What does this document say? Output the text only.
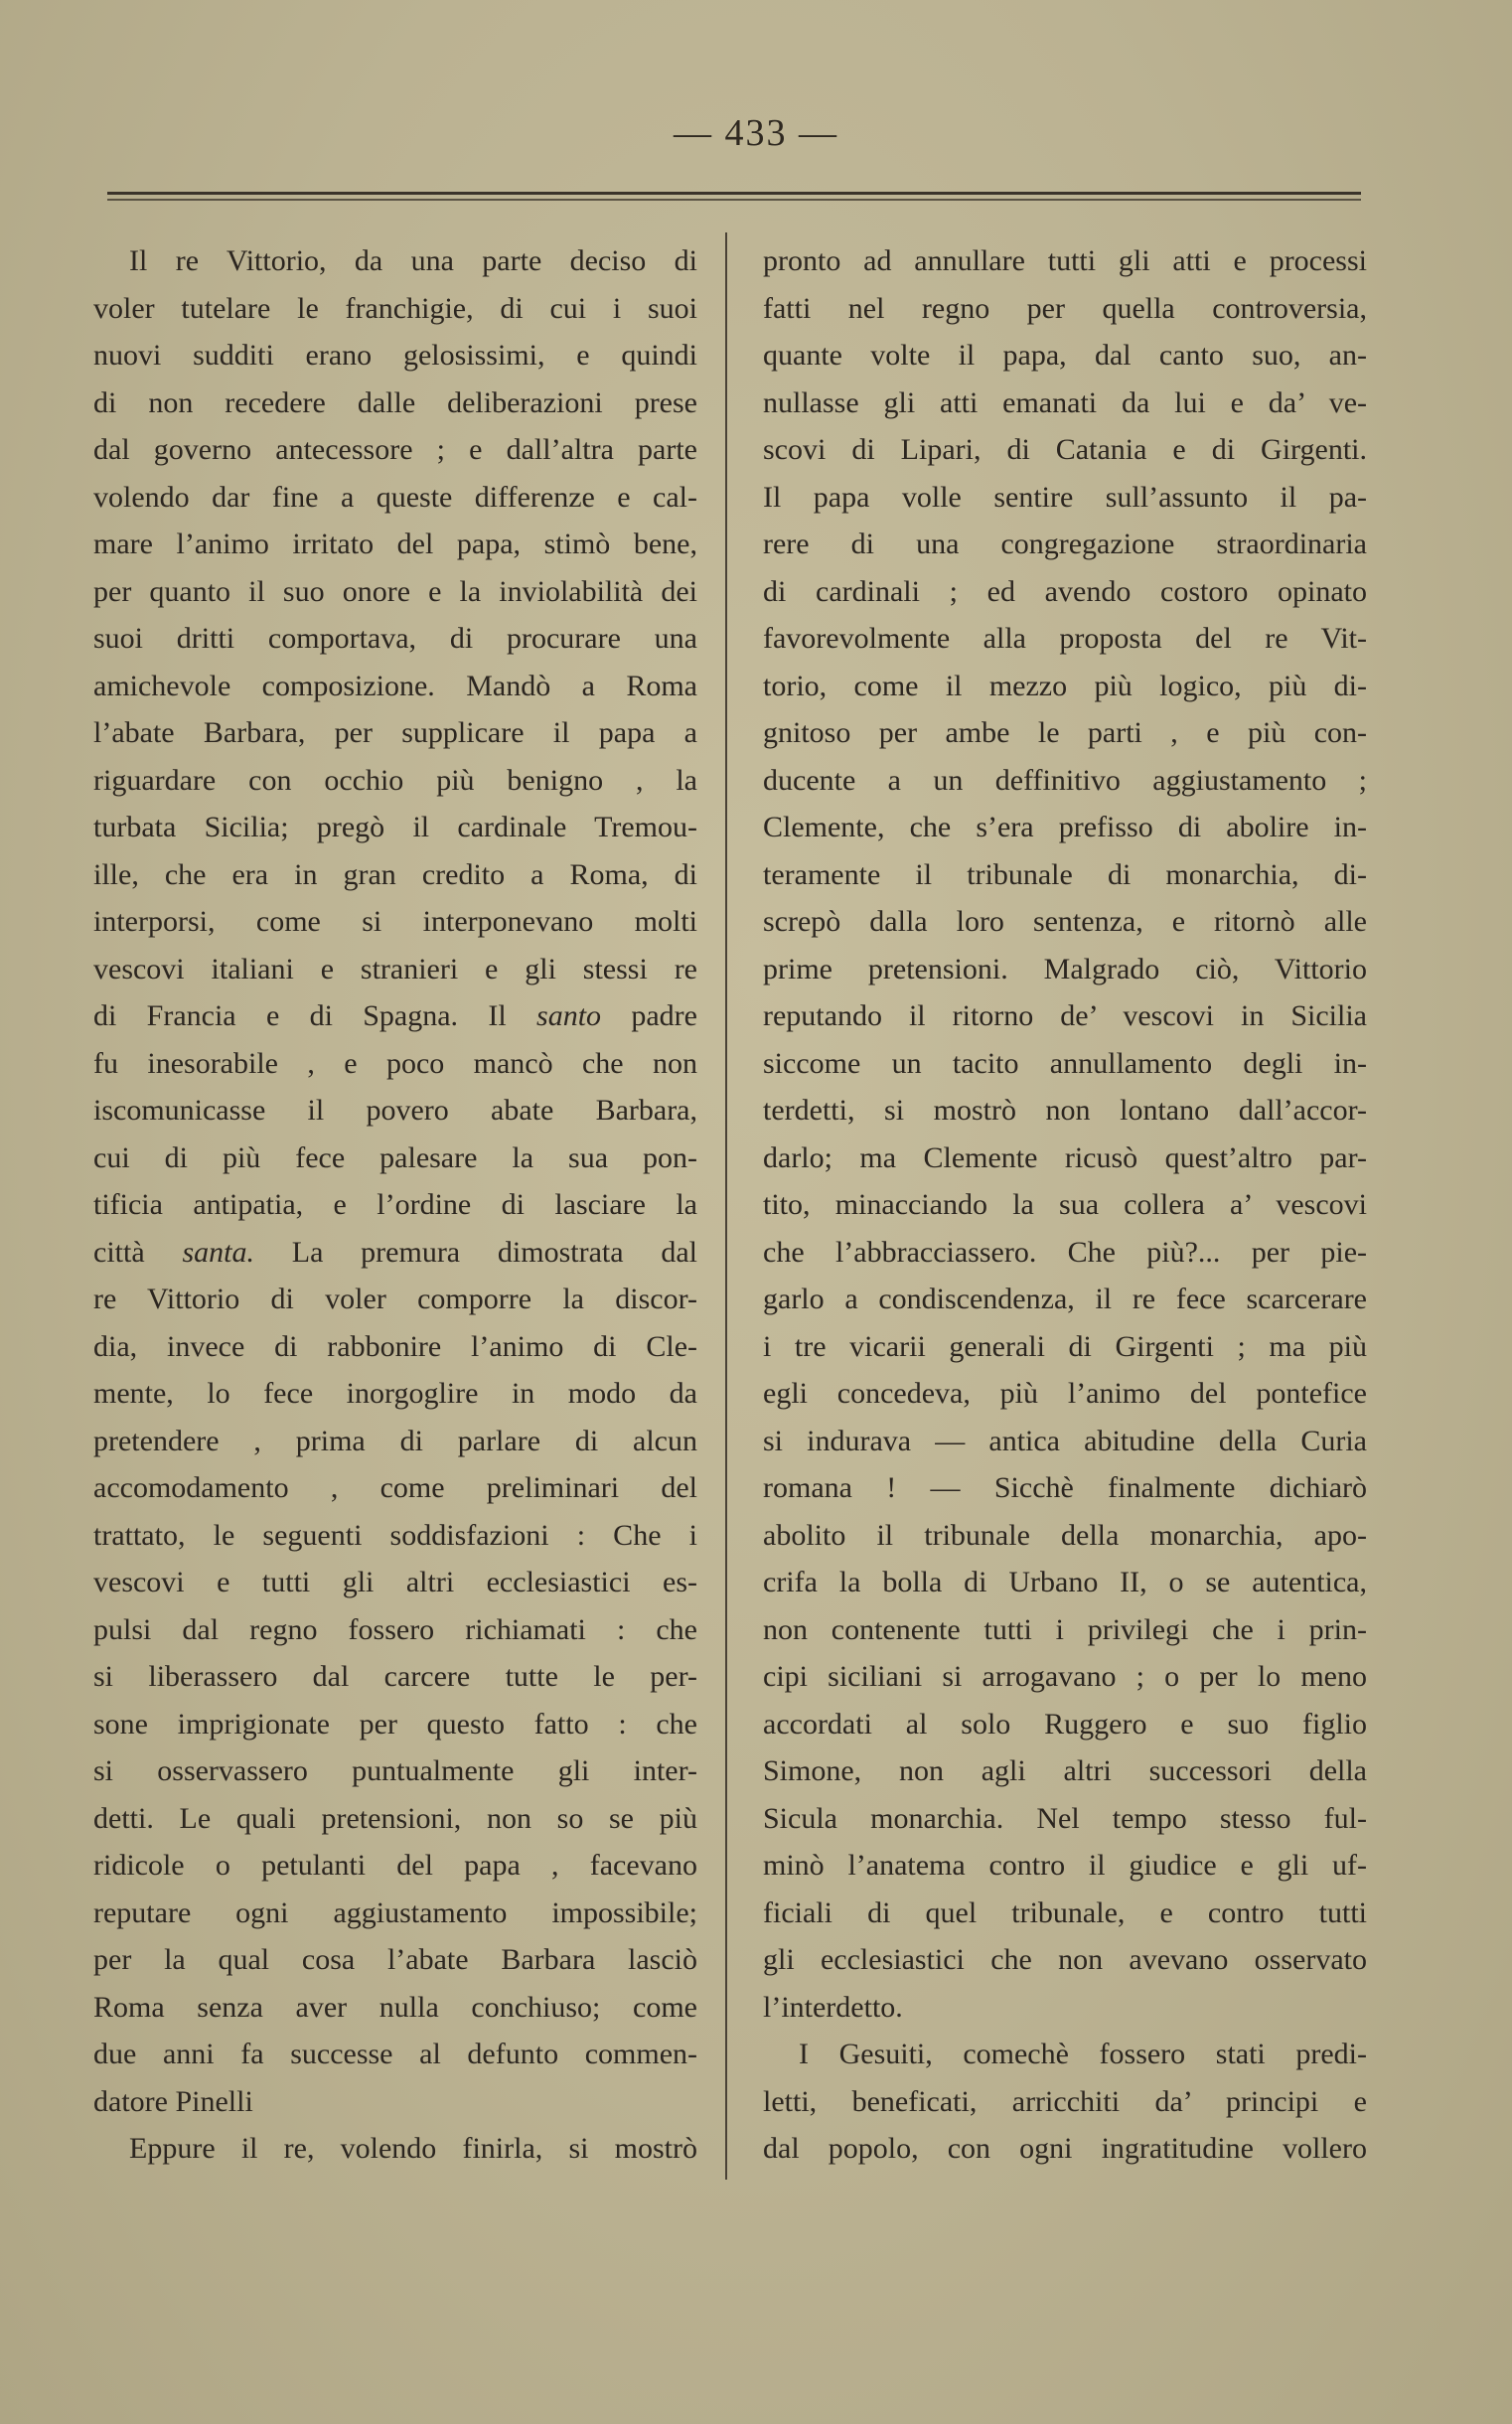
— 433 —
Il re Vittorio, da una parte deciso di
voler tutelare le franchigie, di cui i suoi
nuovi sudditi erano gelosissimi, e quindi
di non recedere dalle deliberazioni prese
dal governo antecessore ; e dall’altra parte
volendo dar fine a queste differenze e cal-
mare l’animo irritato del papa, stimò bene,
per quanto il suo onore e la inviolabilità dei
suoi dritti comportava, di procurare una
amichevole composizione. Mandò a Roma
l’abate Barbara, per supplicare il papa a
riguardare con occhio più benigno , la
turbata Sicilia; pregò il cardinale Tremou-
ille, che era in gran credito a Roma, di
interporsi, come si interponevano molti
vescovi italiani e stranieri e gli stessi re
di Francia e di Spagna. Il santo padre
fu inesorabile , e poco mancò che non
iscomunicasse il povero abate Barbara,
cui di più fece palesare la sua pon-
tificia antipatia, e l’ordine di lasciare la
città santa. La premura dimostrata dal
re Vittorio di voler comporre la discor-
dia, invece di rabbonire l’animo di Cle-
mente, lo fece inorgoglire in modo da
pretendere , prima di parlare di alcun
accomodamento , come preliminari del
trattato, le seguenti soddisfazioni : Che i
vescovi e tutti gli altri ecclesiastici es-
pulsi dal regno fossero richiamati : che
si liberassero dal carcere tutte le per-
sone imprigionate per questo fatto : che
si osservassero puntualmente gli inter-
detti. Le quali pretensioni, non so se più
ridicole o petulanti del papa , facevano
reputare ogni aggiustamento impossibile;
per la qual cosa l’abate Barbara lasciò
Roma senza aver nulla conchiuso; come
due anni fa successe al defunto commen-
datore Pinelli
Eppure il re, volendo finirla, si mostrò
pronto ad annullare tutti gli atti e processi
fatti nel regno per quella controversia,
quante volte il papa, dal canto suo, an-
nullasse gli atti emanati da lui e da’ ve-
scovi di Lipari, di Catania e di Girgenti.
Il papa volle sentire sull’assunto il pa-
rere di una congregazione straordinaria
di cardinali ; ed avendo costoro opinato
favorevolmente alla proposta del re Vit-
torio, come il mezzo più logico, più di-
gnitoso per ambe le parti , e più con-
ducente a un deffinitivo aggiustamento ;
Clemente, che s’era prefisso di abolire in-
teramente il tribunale di monarchia, di-
screpò dalla loro sentenza, e ritornò alle
prime pretensioni. Malgrado ciò, Vittorio
reputando il ritorno de’ vescovi in Sicilia
siccome un tacito annullamento degli in-
terdetti, si mostrò non lontano dall’accor-
darlo; ma Clemente ricusò quest’altro par-
tito, minacciando la sua collera a’ vescovi
che l’abbracciassero. Che più?... per pie-
garlo a condiscendenza, il re fece scarcerare
i tre vicarii generali di Girgenti ; ma più
egli concedeva, più l’animo del pontefice
si indurava — antica abitudine della Curia
romana ! — Sicchè finalmente dichiarò
abolito il tribunale della monarchia, apo-
crifa la bolla di Urbano II, o se autentica,
non contenente tutti i privilegi che i prin-
cipi siciliani si arrogavano ; o per lo meno
accordati al solo Ruggero e suo figlio
Simone, non agli altri successori della
Sicula monarchia. Nel tempo stesso ful-
minò l’anatema contro il giudice e gli uf-
ficiali di quel tribunale, e contro tutti
gli ecclesiastici che non avevano osservato
l’interdetto.
I Gesuiti, comechè fossero stati predi-
letti, beneficati, arricchiti da’ principi e
dal popolo, con ogni ingratitudine vollero
